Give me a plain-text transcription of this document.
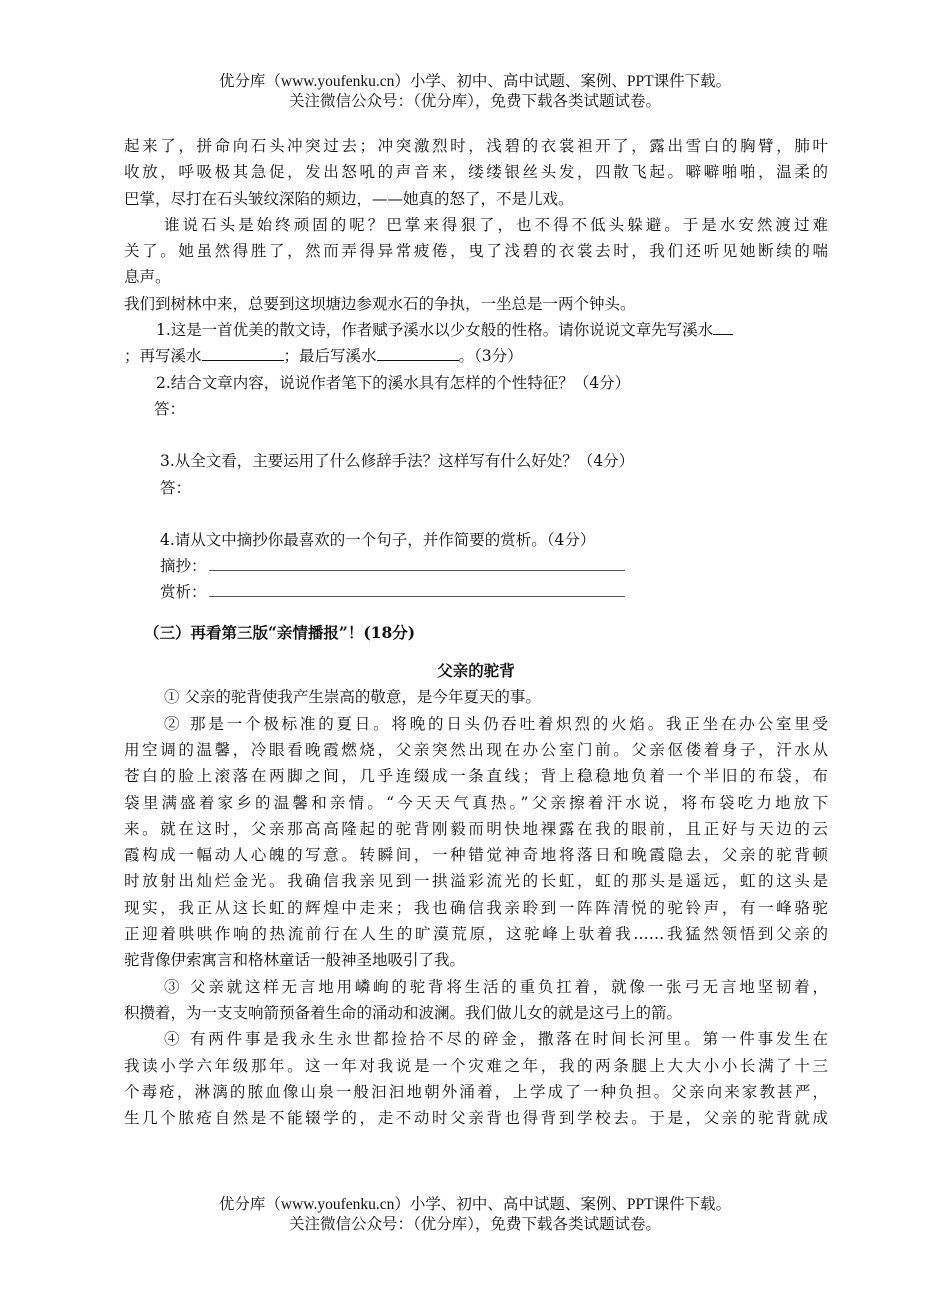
优分库（www.youfenku.cn）小学、初中、高中试题、案例、PPT课件下载。
关注微信公众号：（优分库），免费下载各类试题试卷。
起来了，拼命向石头冲突过去；冲突激烈时，浅碧的衣裳袒开了，露出雪白的胸臂，肺叶
收放，呼吸极其急促，发出怒吼的声音来，缕缕银丝头发，四散飞起。噼噼啪啪，温柔的
巴掌，尽打在石头皱纹深陷的颊边，——她真的怒了，不是儿戏。
谁说石头是始终顽固的呢？巴掌来得狠了，也不得不低头躲避。于是水安然渡过难
关了。她虽然得胜了，然而弄得异常疲倦，曳了浅碧的衣裳去时，我们还听见她断续的喘
息声。
我们到树林中来，总要到这坝塘边参观水石的争执，一坐总是一两个钟头。
1.这是一首优美的散文诗，作者赋予溪水以少女般的性格。请你说说文章先写溪水
；再写溪水	；最后写溪水	。（3分）
2.结合文章内容，说说作者笔下的溪水具有怎样的个性特征？（4分）
答：
3.从全文看，主要运用了什么修辞手法？这样写有什么好处？（4分）
答：
4.请从文中摘抄你最喜欢的一个句子，并作简要的赏析。（4分）
摘抄：
赏析：
（三）再看第三版“亲情播报”！(18分)
父亲的驼背
① 父亲的驼背使我产生崇高的敬意，是今年夏天的事。
② 那是一个极标准的夏日。将晚的日头仍吞吐着炽烈的火焰。我正坐在办公室里受
用空调的温馨，冷眼看晚霞燃烧，父亲突然出现在办公室门前。父亲伛偻着身子，汗水从
苍白的脸上滚落在两脚之间，几乎连缀成一条直线；背上稳稳地负着一个半旧的布袋，布
袋里满盛着家乡的温馨和亲情。“今天天气真热。”父亲擦着汗水说，将布袋吃力地放下
来。就在这时，父亲那高高隆起的驼背刚毅而明快地裸露在我的眼前，且正好与天边的云
霞构成一幅动人心魄的写意。转瞬间，一种错觉神奇地将落日和晚霞隐去，父亲的驼背顿
时放射出灿烂金光。我确信我亲见到一拱溢彩流光的长虹，虹的那头是遥远，虹的这头是
现实，我正从这长虹的辉煌中走来；我也确信我亲聆到一阵阵清悦的驼铃声，有一峰骆驼
正迎着哄哄作响的热流前行在人生的旷漠荒原，这驼峰上驮着我……我猛然领悟到父亲的
驼背像伊索寓言和格林童话一般神圣地吸引了我。
③ 父亲就这样无言地用嶙峋的驼背将生活的重负扛着，就像一张弓无言地坚韧着，
积攒着，为一支支响箭预备着生命的涌动和波澜。我们做儿女的就是这弓上的箭。
④ 有两件事是我永生永世都捡拾不尽的碎金，撒落在时间长河里。第一件事发生在
我读小学六年级那年。这一年对我说是一个灾难之年，我的两条腿上大大小小长满了十三
个毒疮，淋漓的脓血像山泉一般汩汩地朝外涌着，上学成了一种负担。父亲向来家教甚严，
生几个脓疮自然是不能辍学的，走不动时父亲背也得背到学校去。于是，父亲的驼背就成
优分库（www.youfenku.cn）小学、初中、高中试题、案例、PPT课件下载。
关注微信公众号：（优分库），免费下载各类试题试卷。
